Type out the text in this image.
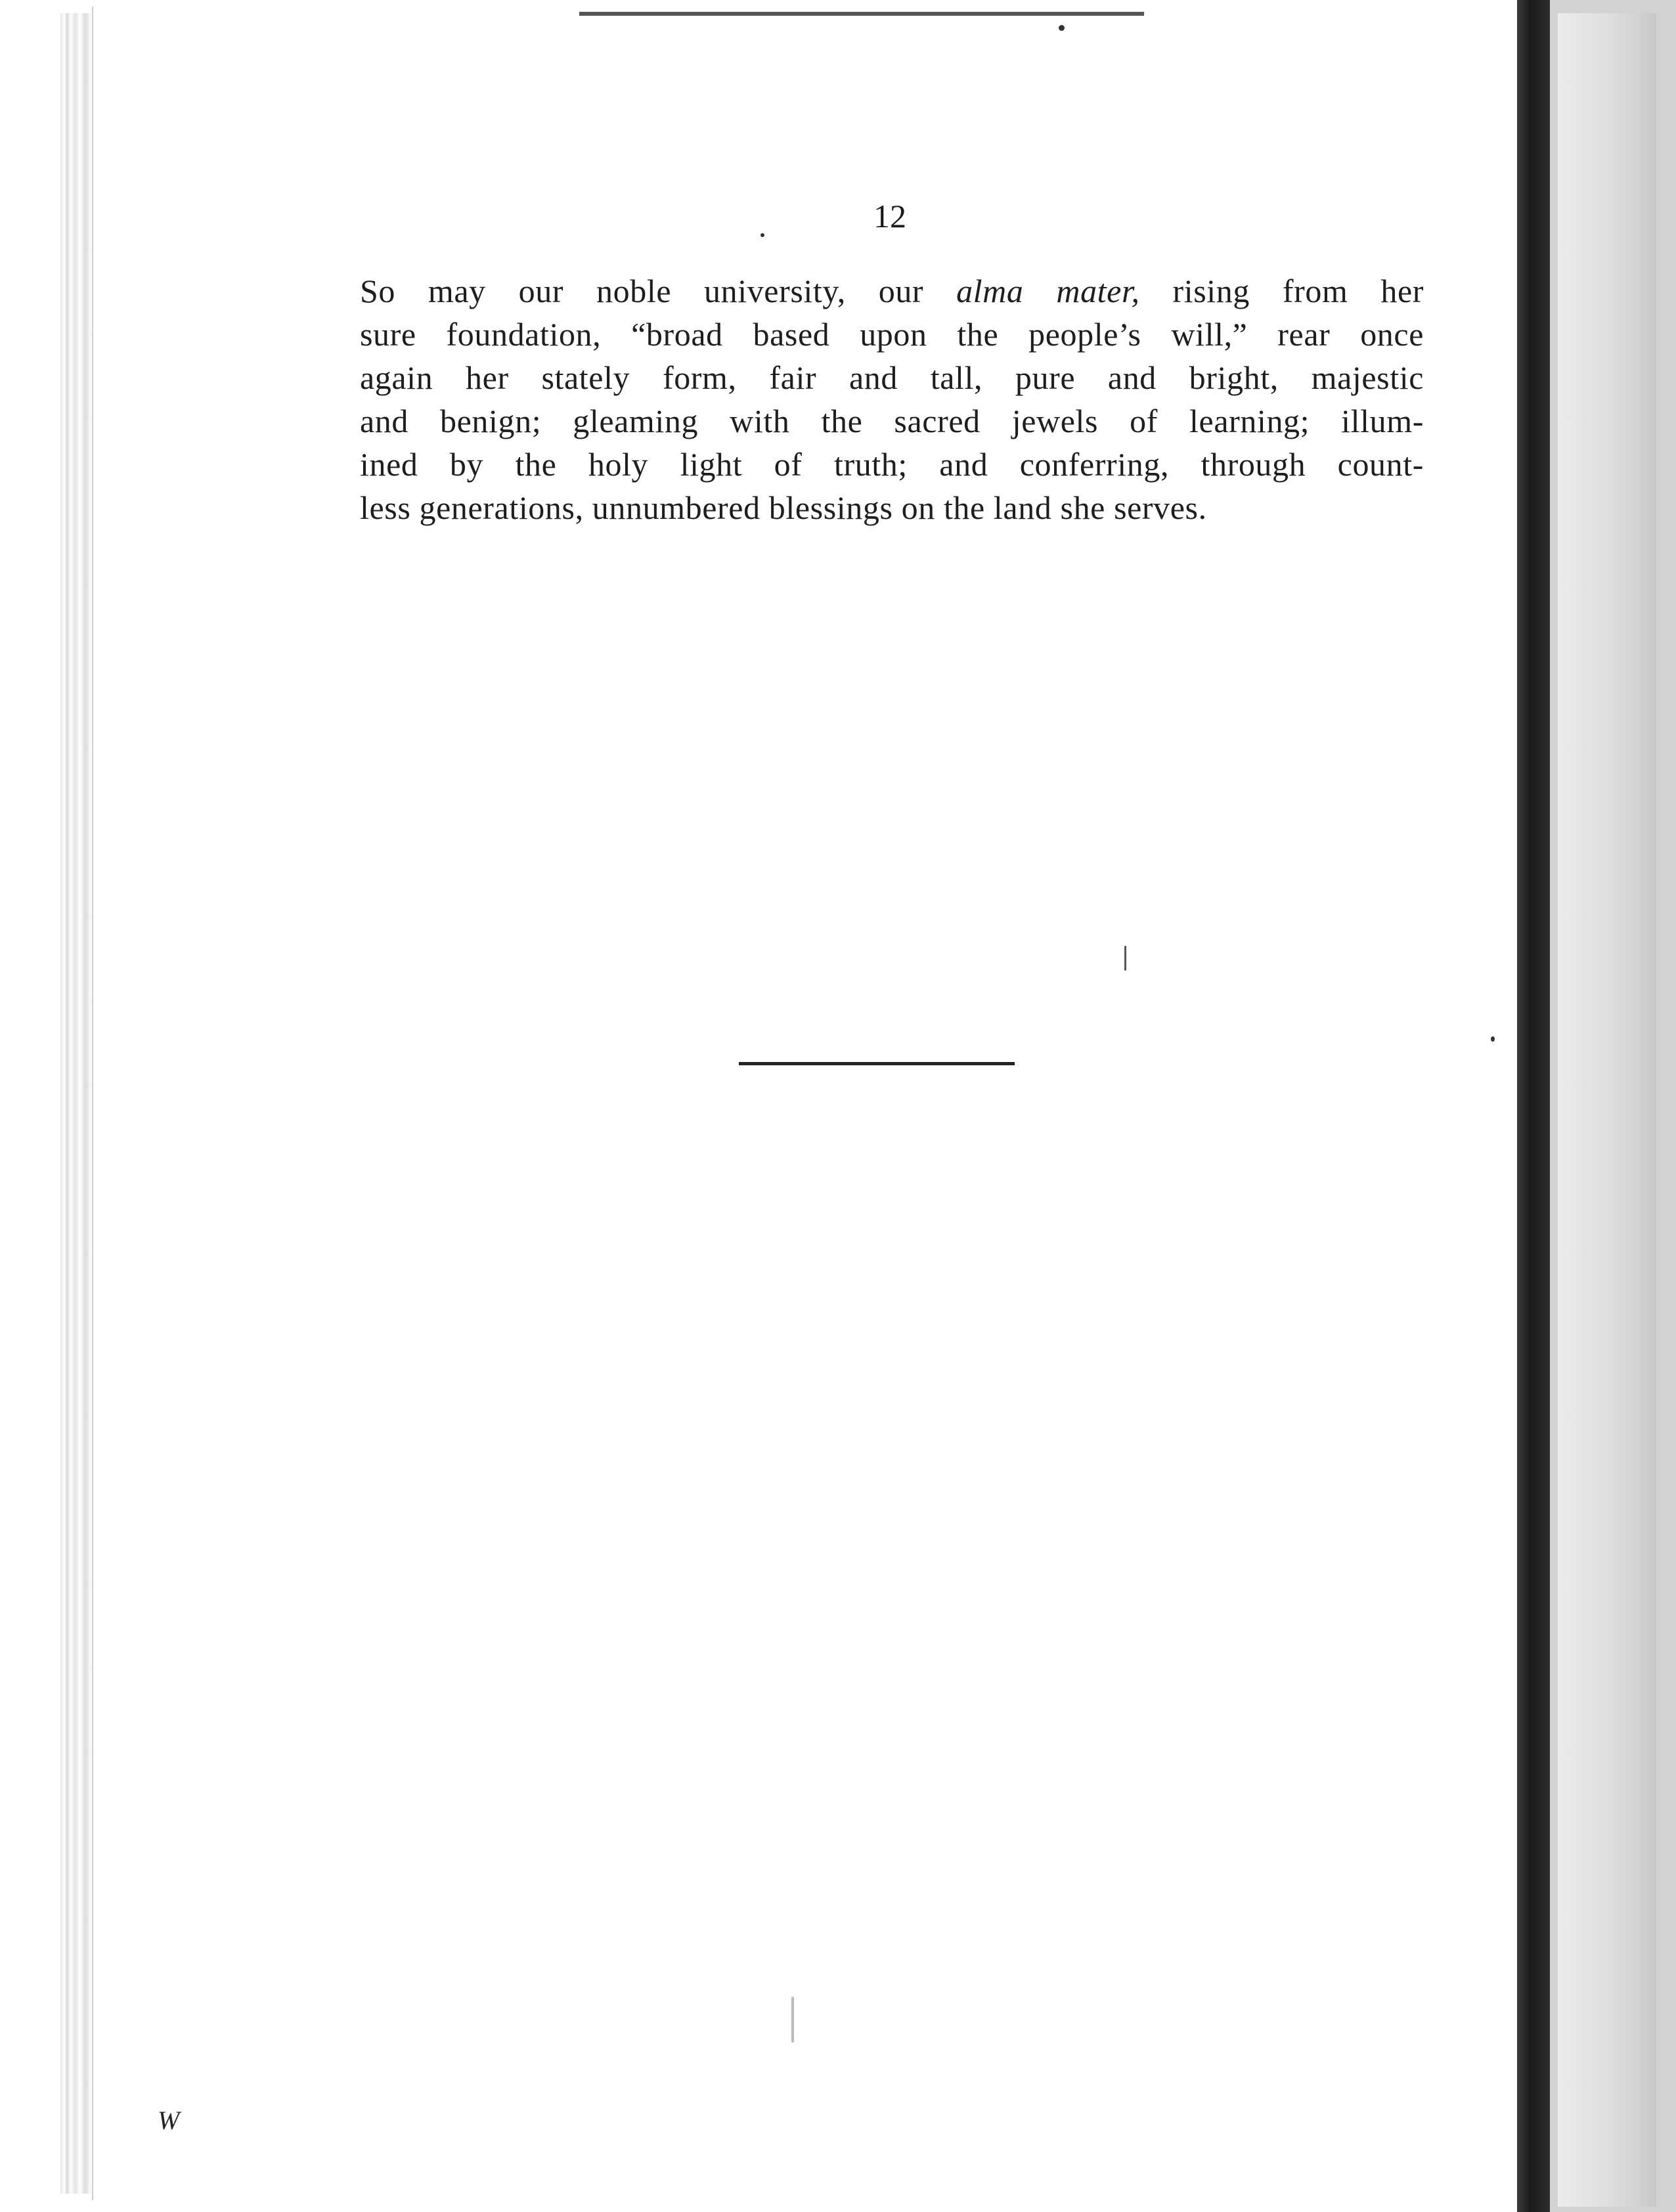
12
So may our noble university, our alma mater, rising from her
sure foundation, “broad based upon the people’s will,” rear once
again her stately form, fair and tall, pure and bright, majestic
and benign; gleaming with the sacred jewels of learning; illum-
ined by the holy light of truth; and conferring, through count-
less generations, unnumbered blessings on the land she serves.
W
